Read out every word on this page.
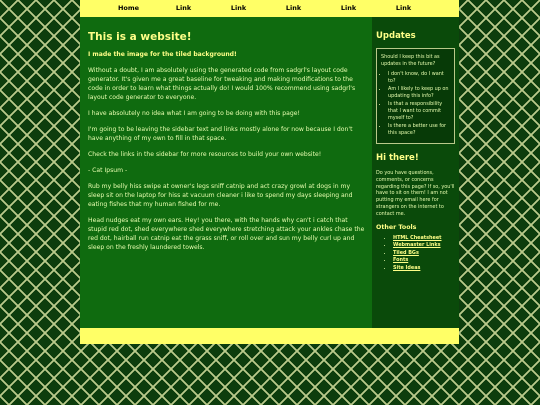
Home	Link	Link	Link	Link	Link
This is a website!

I made the image for the tiled background!

Without a doubt, I am absolutely using the generated code from sadgrl's layout code generator. It's given me a great baseline for tweaking and making modifications to the code in order to learn what things actually do! I would 100% recommend using sadgrl's layout code generator to everyone.

I have absolutely no idea what I am going to be doing with this page!

I'm going to be leaving the sidebar text and links mostly alone for now because I don't have anything of my own to fill in that space.

Check the links in the sidebar for more resources to build your own website!

- Cat Ipsum -

Rub my belly hiss swipe at owner's legs sniff catnip and act crazy growl at dogs in my sleep sit on the laptop for hiss at vacuum cleaner i like to spend my days sleeping and eating fishes that my human fished for me.

Head nudges eat my own ears. Hey! you there, with the hands why can't i catch that stupid red dot, shed everywhere shed everywhere stretching attack your ankles chase the red dot, hairball run catnip eat the grass sniff, or roll over and sun my belly curl up and sleep on the freshly laundered towels.

Updates
Should I keep this bit as updates in the future?
• I don't know, do I want to?
• Am I likely to keep up on updating this info?
• Is that a responsibility that I want to commit myself to?
• Is there a better use for this space?
Hi there!

Do you have questions, comments, or concerns regarding this page? If so, you'll have to sit on them! I am not putting my email here for strangers on the internet to contact me.

Other Tools
• HTML Cheatsheet
• Webmaster Links
• Tiled BGs
• Fonts
• Site Ideas
